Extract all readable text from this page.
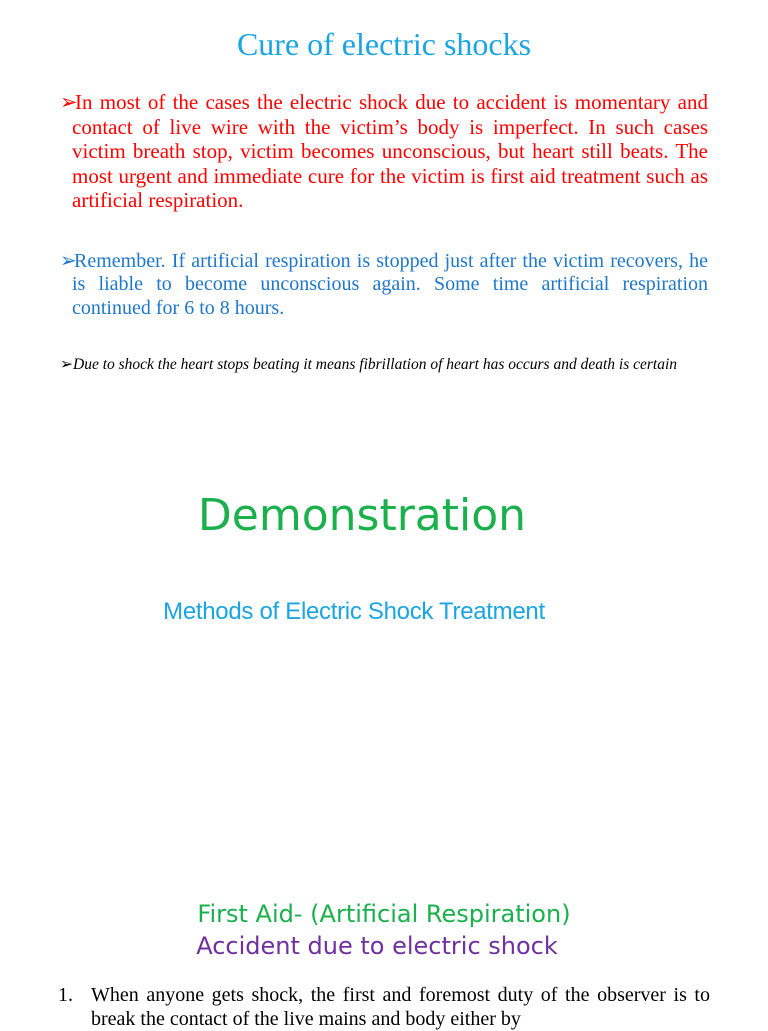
Cure of electric shocks
➢
In most of the cases the electric shock due to accident is momentary and contact of live wire with the victim’s body is imperfect. In such cases victim breath stop, victim becomes unconscious, but heart still beats. The most urgent and immediate cure for the victim is first aid treatment such as artificial respiration.
➢
Remember. If artificial respiration is stopped just after the victim recovers, he is liable to become unconscious again. Some time artificial respiration continued for 6 to 8 hours.
➢ Due to shock the heart stops beating it means fibrillation of heart has occurs and death is certain
Demonstration
Methods of Electric Shock Treatment
First Aid- (Artificial Respiration)
Accident due to electric shock
1. When anyone gets shock, the first and foremost duty of the observer is to break the contact of the live mains and body either by
